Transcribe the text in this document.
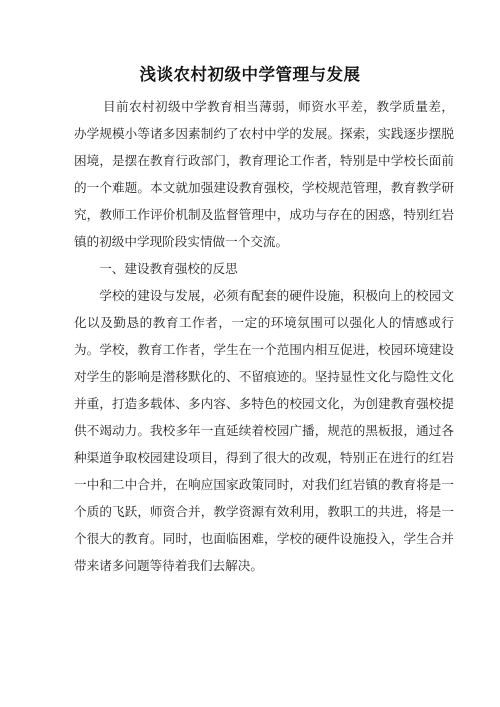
浅谈农村初级中学管理与发展

目前农村初级中学教育相当薄弱，师资水平差，教学质量差，办学规模小等诸多因素制约了农村中学的发展。探索，实践逐步摆脱困境，是摆在教育行政部门，教育理论工作者，特别是中学校长面前的一个难题。本文就加强建设教育强校，学校规范管理，教育教学研究，教师工作评价机制及监督管理中，成功与存在的困惑，特别红岩镇的初级中学现阶段实情做一个交流。

一、建设教育强校的反思

学校的建设与发展，必须有配套的硬件设施，积极向上的校园文化以及勤恳的教育工作者，一定的环境氛围可以强化人的情感或行为。学校，教育工作者，学生在一个范围内相互促进，校园环境建设对学生的影响是潜移默化的、不留痕迹的。坚持显性文化与隐性文化并重，打造多载体、多内容、多特色的校园文化，为创建教育强校提供不竭动力。我校多年一直延续着校园广播，规范的黑板报，通过各种渠道争取校园建设项目，得到了很大的改观，特别正在进行的红岩一中和二中合并，在响应国家政策同时，对我们红岩镇的教育将是一个质的飞跃，师资合并，教学资源有效利用，教职工的共进，将是一个很大的教育。同时，也面临困难，学校的硬件设施投入，学生合并带来诸多问题等待着我们去解决。
